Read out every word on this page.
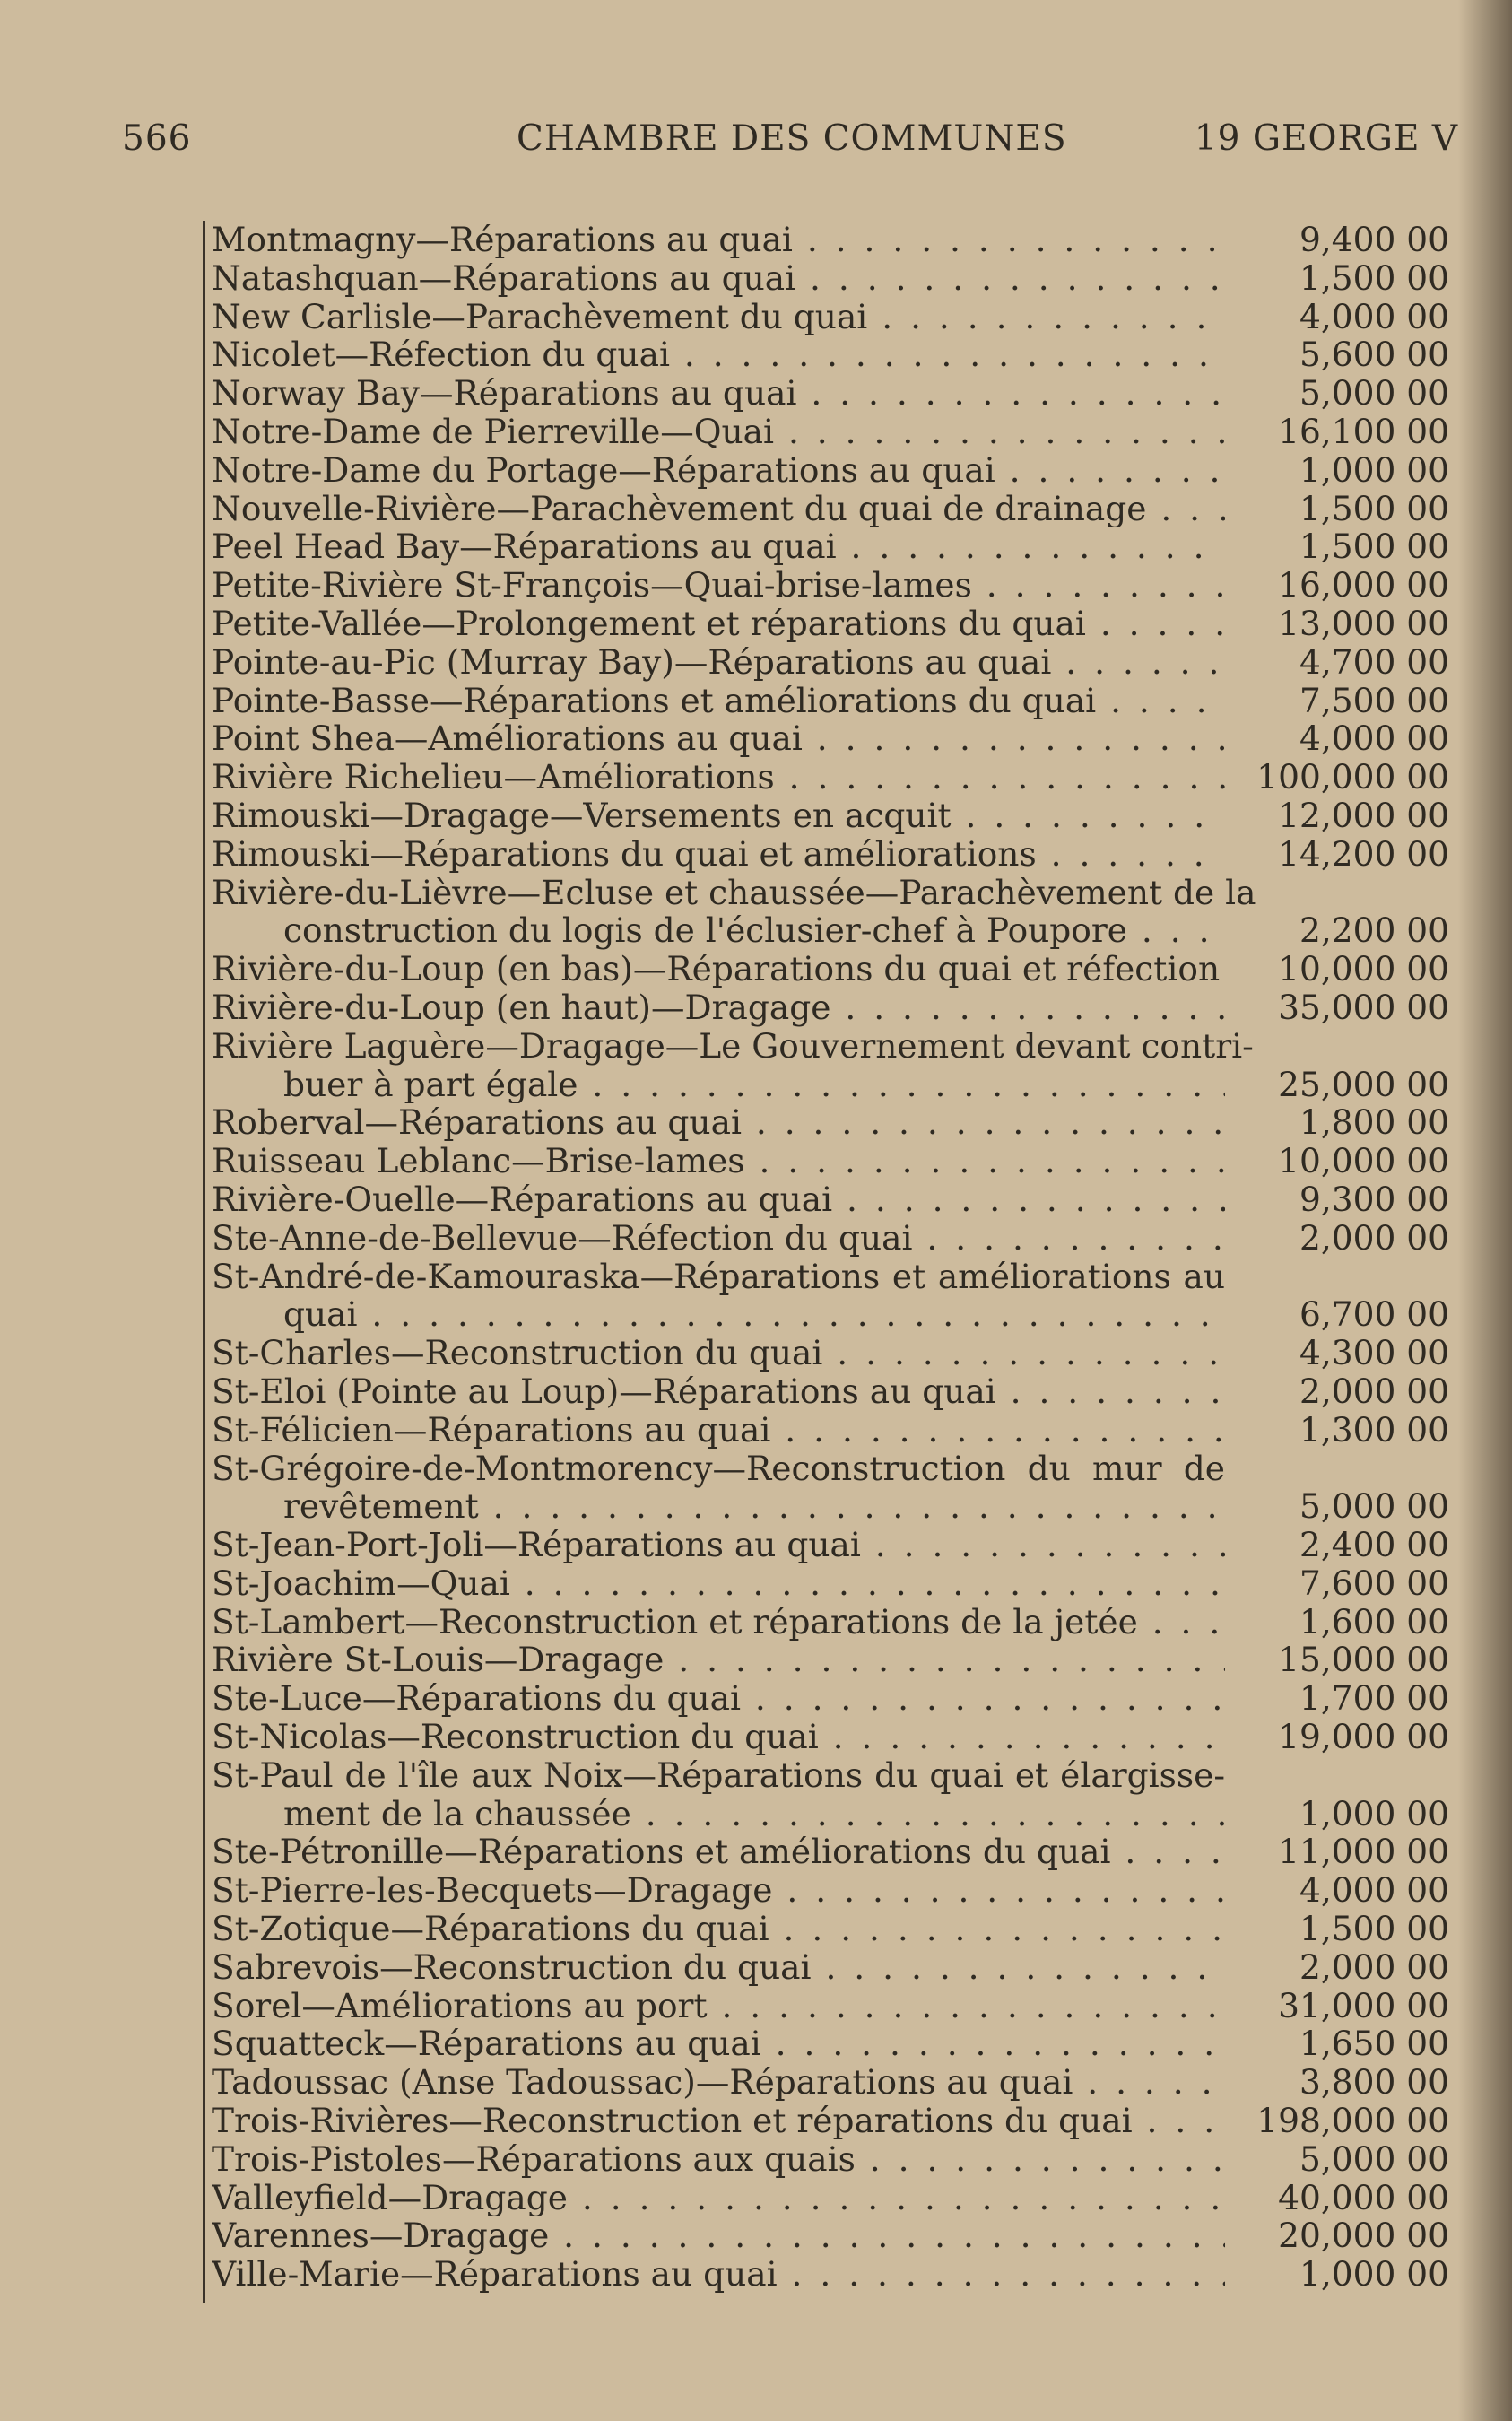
566	CHAMBRE DES COMMUNES	19 GEORGE V
Montmagny—Réparations au quai . . .	9,400 00
Natashquan—Réparations au quai . . .	1,500 00
New Carlisle—Parachèvement du quai . . .	4,000 00
Nicolet—Réfection du quai . . .	5,600 00
Norway Bay—Réparations au quai . . .	5,000 00
Notre-Dame de Pierreville—Quai . . .	16,100 00
Notre-Dame du Portage—Réparations au quai . . .	1,000 00
Nouvelle-Rivière—Parachèvement du quai de drainage . . .	1,500 00
Peel Head Bay—Réparations au quai . . .	1,500 00
Petite-Rivière St-François—Quai-brise-lames . . .	16,000 00
Petite-Vallée—Prolongement et réparations du quai . . .	13,000 00
Pointe-au-Pic (Murray Bay)—Réparations au quai . . .	4,700 00
Pointe-Basse—Réparations et améliorations du quai . . .	7,500 00
Point Shea—Améliorations au quai . . .	4,000 00
Rivière Richelieu—Améliorations . . .	100,000 00
Rimouski—Dragage—Versements en acquit . . .	12,000 00
Rimouski—Réparations du quai et améliorations . . .	14,200 00
Rivière-du-Lièvre—Ecluse et chaussée—Parachèvement de la
construction du logis de l'éclusier-chef à Poupore . . .	2,200 00
Rivière-du-Loup (en bas)—Réparations du quai et réfection . . .	10,000 00
Rivière-du-Loup (en haut)—Dragage . . .	35,000 00
Rivière Laguère—Dragage—Le Gouvernement devant contri-
buer à part égale . . .	25,000 00
Roberval—Réparations au quai . . .	1,800 00
Ruisseau Leblanc—Brise-lames . . .	10,000 00
Rivière-Ouelle—Réparations au quai . . .	9,300 00
Ste-Anne-de-Bellevue—Réfection du quai . . .	2,000 00
St-André-de-Kamouraska—Réparations et améliorations au
quai . . .	6,700 00
St-Charles—Reconstruction du quai . . .	4,300 00
St-Eloi (Pointe au Loup)—Réparations au quai . . .	2,000 00
St-Félicien—Réparations au quai . . .	1,300 00
St-Grégoire-de-Montmorency—Reconstruction du mur de
revêtement . . .	5,000 00
St-Jean-Port-Joli—Réparations au quai . . .	2,400 00
St-Joachim—Quai . . .	7,600 00
St-Lambert—Reconstruction et réparations de la jetée . . .	1,600 00
Rivière St-Louis—Dragage . . .	15,000 00
Ste-Luce—Réparations du quai . . .	1,700 00
St-Nicolas—Reconstruction du quai . . .	19,000 00
St-Paul de l'île aux Noix—Réparations du quai et élargisse-
ment de la chaussée . . .	1,000 00
Ste-Pétronille—Réparations et améliorations du quai . . .	11,000 00
St-Pierre-les-Becquets—Dragage . . .	4,000 00
St-Zotique—Réparations du quai . . .	1,500 00
Sabrevois—Reconstruction du quai . . .	2,000 00
Sorel—Améliorations au port . . .	31,000 00
Squatteck—Réparations au quai . . .	1,650 00
Tadoussac (Anse Tadoussac)—Réparations au quai . . .	3,800 00
Trois-Rivières—Reconstruction et réparations du quai . . .	198,000 00
Trois-Pistoles—Réparations aux quais . . .	5,000 00
Valleyfield—Dragage . . .	40,000 00
Varennes—Dragage . . .	20,000 00
Ville-Marie—Réparations au quai . . .	1,000 00
